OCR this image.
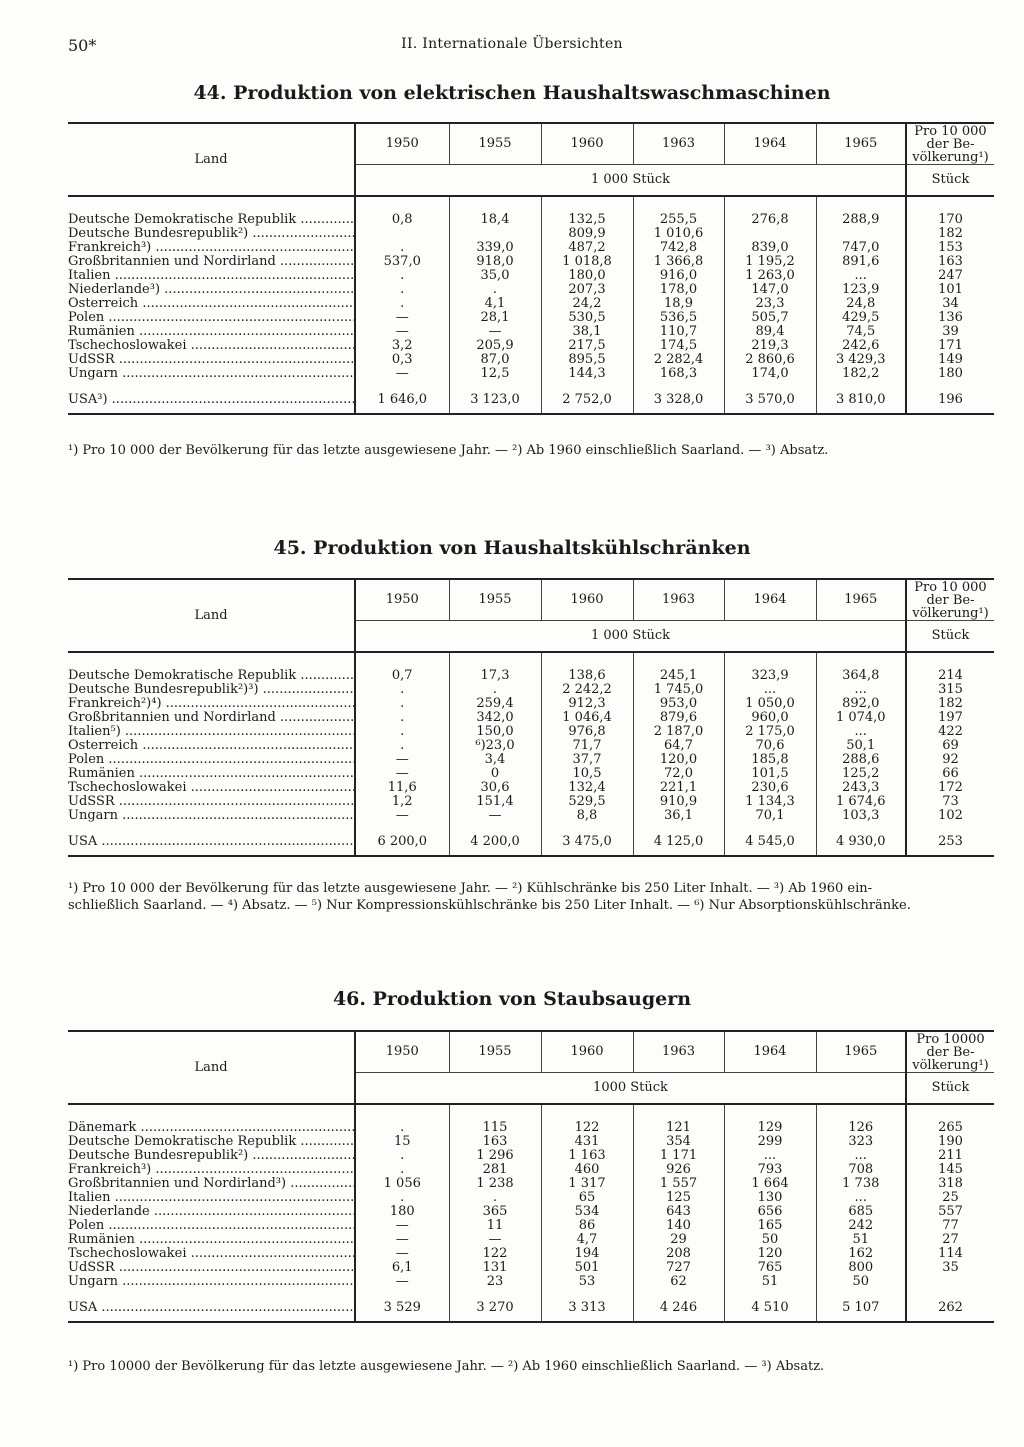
50*	II. Internationale Übersichten
44. Produktion von elektrischen Haushaltswaschmaschinen
Land	1950	1955	1960	1963	1964	1965	Pro 10 000
der Be-
völkerung¹)

	1 000 Stück						Stück

Deutsche Demokratische Republik .....	0,8	18,4	132,5	255,5	276,8	288,9	170
Deutsche Bundesrepublik²) .....			809,9	1 010,6			182
Frankreich³) .....	.	339,0	487,2	742,8	839,0	747,0	153
Großbritannien und Nordirland .....	537,0	918,0	1 018,8	1 366,8	1 195,2	891,6	163
Italien .....	.	35,0	180,0	916,0	1 263,0	...	247
Niederlande³) .....	.	.	207,3	178,0	147,0	123,9	101
Österreich .....	.	4,1	24,2	18,9	23,3	24,8	34
Polen .....	—	28,1	530,5	536,5	505,7	429,5	136
Rumänien .....	—	—	38,1	110,7	89,4	74,5	39
Tschechoslowakei .....	3,2	205,9	217,5	174,5	219,3	242,6	171
UdSSR .....	0,3	87,0	895,5	2 282,4	2 860,6	3 429,3	149
Ungarn .....	—	12,5	144,3	168,3	174,0	182,2	180

USA³) .....	1 646,0	3 123,0	2 752,0	3 328,0	3 570,0	3 810,0	196

¹) Pro 10 000 der Bevölkerung für das letzte ausgewiesene Jahr. — ²) Ab 1960 einschließlich Saarland. — ³) Absatz.
45. Produktion von Haushaltskühlschränken
Land	1950	1955	1960	1963	1964	1965	Pro 10 000
der Be-
völkerung¹)

	1 000 Stück						Stück

Deutsche Demokratische Republik .....	0,7	17,3	138,6	245,1	323,9	364,8	214
Deutsche Bundesrepublik²)³) .....	.	.	2 242,2	1 745,0	...	...	315
Frankreich²)⁴) .....	.	259,4	912,3	953,0	1 050,0	892,0	182
Großbritannien und Nordirland .....	.	342,0	1 046,4	879,6	960,0	1 074,0	197
Italien⁵) .....	.	150,0	976,8	2 187,0	2 175,0	...	422
Österreich .....	.	⁶)23,0	71,7	64,7	70,6	50,1	69
Polen .....	—	3,4	37,7	120,0	185,8	288,6	92
Rumänien .....	—	0	10,5	72,0	101,5	125,2	66
Tschechoslowakei .....	11,6	30,6	132,4	221,1	230,6	243,3	172
UdSSR .....	1,2	151,4	529,5	910,9	1 134,3	1 674,6	73
Ungarn .....	—	—	8,8	36,1	70,1	103,3	102

USA .....	6 200,0	4 200,0	3 475,0	4 125,0	4 545,0	4 930,0	253

¹) Pro 10 000 der Bevölkerung für das letzte ausgewiesene Jahr. — ²) Kühlschränke bis 250 Liter Inhalt. — ³) Ab 1960 ein-
schließlich Saarland. — ⁴) Absatz. — ⁵) Nur Kompressionskühlschränke bis 250 Liter Inhalt. — ⁶) Nur Absorptionskühlschränke.
46. Produktion von Staubsaugern
Land	1950	1955	1960	1963	1964	1965	Pro 10000
der Be-
völkerung¹)

	1000 Stück						Stück

Dänemark .....	.	115	122	121	129	126	265
Deutsche Demokratische Republik .....	15	163	431	354	299	323	190
Deutsche Bundesrepublik²) .....	.	1 296	1 163	1 171	...	...	211
Frankreich³) .....	.	281	460	926	793	708	145
Großbritannien und Nordirland³) .....	1 056	1 238	1 317	1 557	1 664	1 738	318
Italien .....	.	.	65	125	130	...	25
Niederlande .....	180	365	534	643	656	685	557
Polen .....	—	11	86	140	165	242	77
Rumänien .....	—	—	4,7	29	50	51	27
Tschechoslowakei .....	—	122	194	208	120	162	114
UdSSR .....	6,1	131	501	727	765	800	35
Ungarn .....	—	23	53	62	51	50	

USA .....	3 529	3 270	3 313	4 246	4 510	5 107	262

¹) Pro 10000 der Bevölkerung für das letzte ausgewiesene Jahr. — ²) Ab 1960 einschließlich Saarland. — ³) Absatz.
